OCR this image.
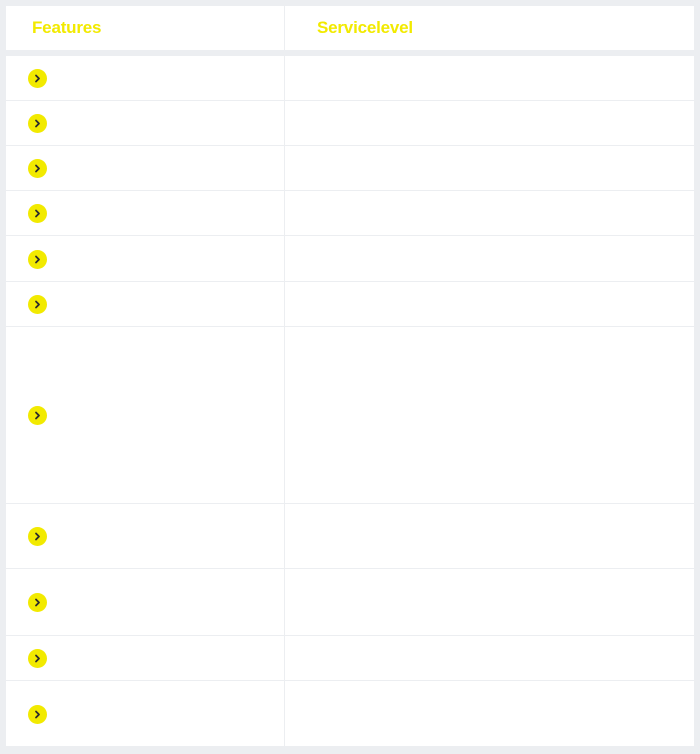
Features	Servicelevel
